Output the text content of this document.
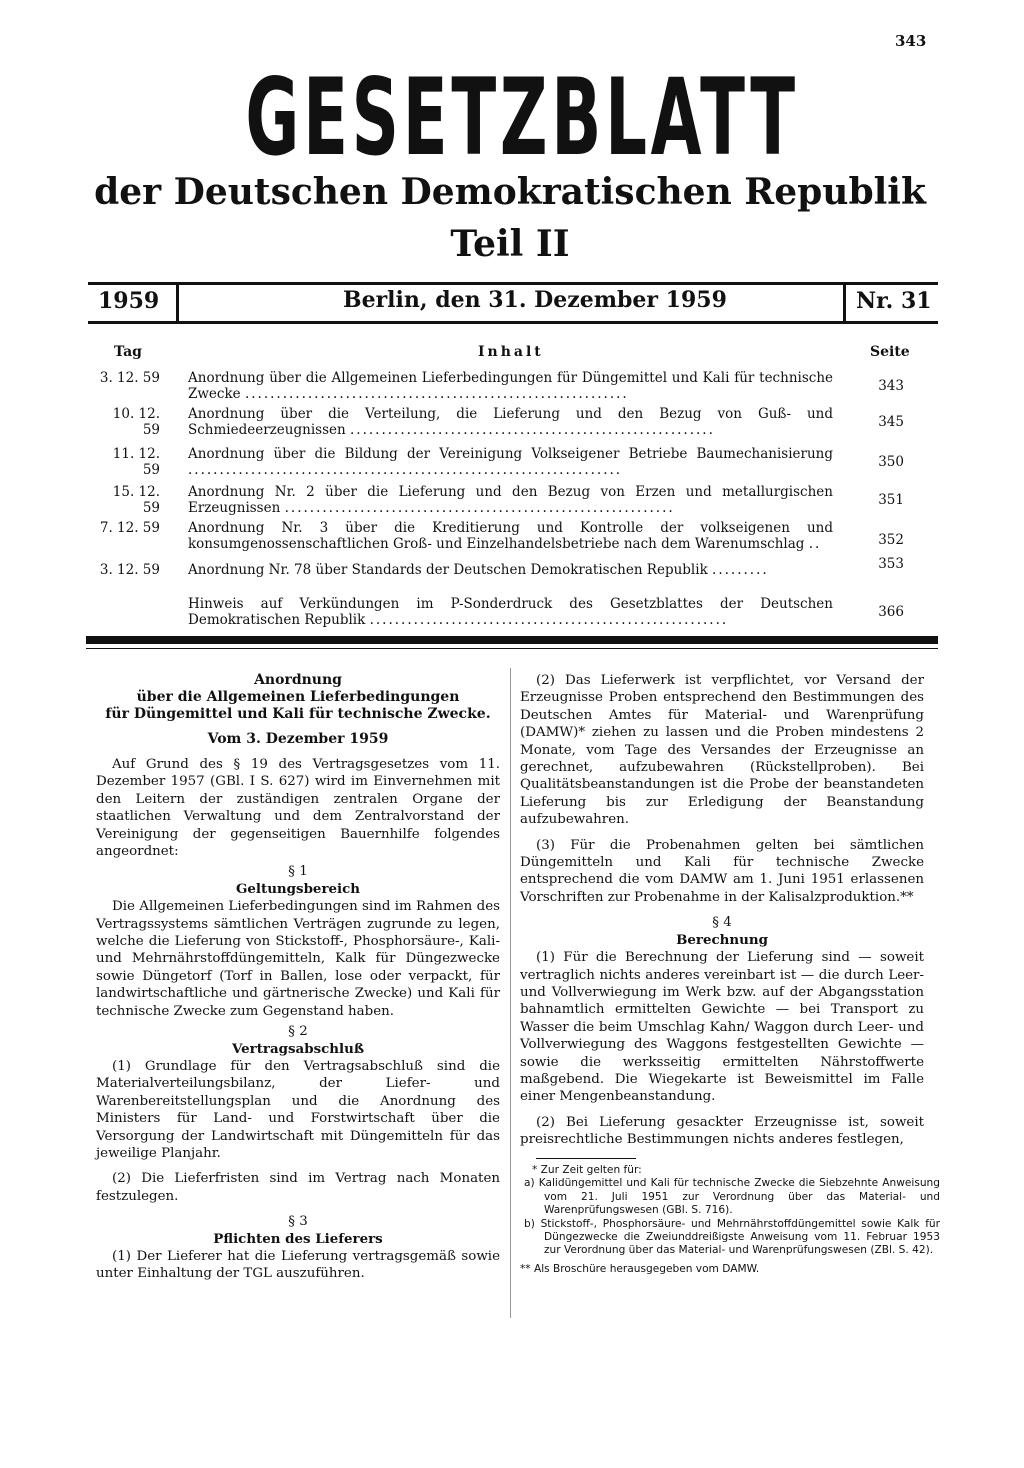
343
GESETZBLATT
der Deutschen Demokratischen Republik
Teil II
1959	Berlin, den 31. Dezember 1959	Nr. 31
Tag	Inhalt	Seite
3. 12. 59 Anordnung über die Allgemeinen Lieferbedingungen für Düngemittel und Kali für technische Zwecke .............................................................	343
10. 12. 59
Anordnung über die Verteilung, die Lieferung und den Bezug von Guß- und Schmiedeerzeugnissen ..........................................................	345
11. 12. 59
Anordnung über die Bildung der Vereinigung Volkseigener Betriebe Baumechanisierung .....................................................................	350
15. 12. 59
Anordnung Nr. 2 über die Lieferung und den Bezug von Erzen und metallurgischen Erzeugnissen ..............................................................	351
7. 12. 59 Anordnung Nr. 3 über die Kreditierung und Kontrolle der volkseigenen und konsumgenossenschaftlichen Groß- und Einzelhandelsbetriebe nach dem Warenumschlag ..	352
3. 12. 59 Anordnung Nr. 78 über Standards der Deutschen Demokratischen Republik .........	353
Hinweis auf Verkündungen im P-Sonderdruck des Gesetzblattes der Deutschen Demokratischen Republik .........................................................	366

Anordnung

über die Allgemeinen Lieferbedingungen

für Düngemittel und Kali für technische Zwecke.

Vom 3. Dezember 1959

Auf Grund des § 19 des Vertragsgesetzes vom 11. Dezember 1957 (GBl. I S. 627) wird im Einvernehmen mit den Leitern der zuständigen zentralen Organe der staatlichen Verwaltung und dem Zentralvorstand der Vereinigung der gegenseitigen Bauernhilfe folgendes angeordnet:

§ 1

Geltungsbereich

Die Allgemeinen Lieferbedingungen sind im Rahmen des Vertragssystems sämtlichen Verträgen zugrunde zu legen, welche die Lieferung von Stickstoff-, Phosphorsäure-, Kali- und Mehrnährstoffdüngemitteln, Kalk für Düngezwecke sowie Düngetorf (Torf in Ballen, lose oder verpackt, für landwirtschaftliche und gärtnerische Zwecke) und Kali für technische Zwecke zum Gegenstand haben.

§ 2

Vertragsabschluß

(1) Grundlage für den Vertragsabschluß sind die Materialverteilungsbilanz, der Liefer- und Warenbereitstellungsplan und die Anordnung des Ministers für Land- und Forstwirtschaft über die Versorgung der Landwirtschaft mit Düngemitteln für das jeweilige Planjahr.

(2) Die Lieferfristen sind im Vertrag nach Monaten festzulegen.

§ 3

Pflichten des Lieferers

(1) Der Lieferer hat die Lieferung vertragsgemäß sowie unter Einhaltung der TGL auszuführen.

(2) Das Lieferwerk ist verpflichtet, vor Versand der Erzeugnisse Proben entsprechend den Bestimmungen des Deutschen Amtes für Material- und Warenprüfung (DAMW)* ziehen zu lassen und die Proben mindestens 2 Monate, vom Tage des Versandes der Erzeugnisse an gerechnet, aufzubewahren (Rückstellproben). Bei Qualitätsbeanstandungen ist die Probe der beanstandeten Lieferung bis zur Erledigung der Beanstandung aufzubewahren.

(3) Für die Probenahmen gelten bei sämtlichen Düngemitteln und Kali für technische Zwecke entsprechend die vom DAMW am 1. Juni 1951 erlassenen Vorschriften zur Probenahme in der Kalisalzproduktion.**

§ 4

Berechnung

(1) Für die Berechnung der Lieferung sind — soweit vertraglich nichts anderes vereinbart ist — die durch Leer- und Vollverwiegung im Werk bzw. auf der Abgangsstation bahnamtlich ermittelten Gewichte — bei Transport zu Wasser die beim Umschlag Kahn/ Waggon durch Leer- und Vollverwiegung des Waggons festgestellten Gewichte — sowie die werksseitig ermittelten Nährstoffwerte maßgebend. Die Wiegekarte ist Beweismittel im Falle einer Mengenbeanstandung.

(2) Bei Lieferung gesackter Erzeugnisse ist, soweit preisrechtliche Bestimmungen nichts anderes festlegen,

* Zur Zeit gelten für:

a) Kalidüngemittel und Kali für technische Zwecke die Siebzehnte Anweisung vom 21. Juli 1951 zur Verordnung über das Material- und Warenprüfungswesen (GBl. S. 716).

b) Stickstoff-, Phosphorsäure- und Mehrnährstoffdüngemittel sowie Kalk für Düngezwecke die Zweiunddreißigste Anweisung vom 11. Februar 1953 zur Verordnung über das Material- und Warenprüfungswesen (ZBl. S. 42).

** Als Broschüre herausgegeben vom DAMW.
